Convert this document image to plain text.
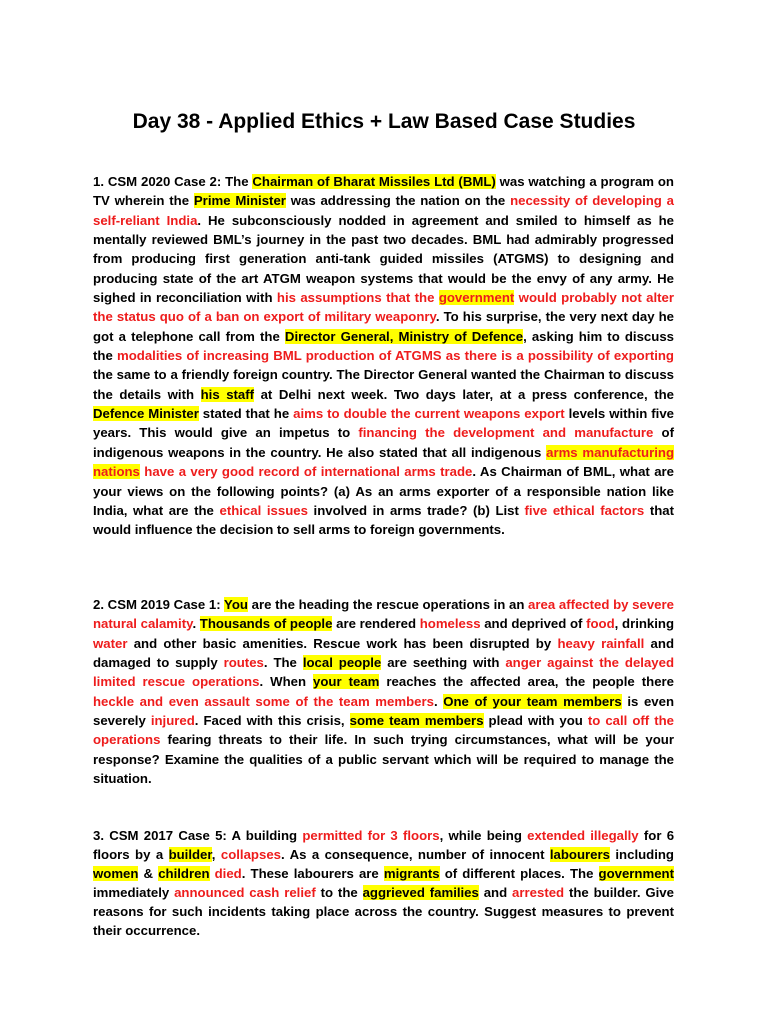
Day 38 - Applied Ethics + Law Based Case Studies
1. CSM 2020 Case 2: The Chairman of Bharat Missiles Ltd (BML) was watching a program on TV wherein the Prime Minister was addressing the nation on the necessity of developing a self-reliant India. He subconsciously nodded in agreement and smiled to himself as he mentally reviewed BML’s journey in the past two decades. BML had admirably progressed from producing first generation anti-tank guided missiles (ATGMS) to designing and producing state of the art ATGM weapon systems that would be the envy of any army. He sighed in reconciliation with his assumptions that the government would probably not alter the status quo of a ban on export of military weaponry. To his surprise, the very next day he got a telephone call from the Director General, Ministry of Defence, asking him to discuss the modalities of increasing BML production of ATGMS as there is a possibility of exporting the same to a friendly foreign country. The Director General wanted the Chairman to discuss the details with his staff at Delhi next week. Two days later, at a press conference, the Defence Minister stated that he aims to double the current weapons export levels within five years. This would give an impetus to financing the development and manufacture of indigenous weapons in the country. He also stated that all indigenous arms manufacturing nations have a very good record of international arms trade. As Chairman of BML, what are your views on the following points? (a) As an arms exporter of a responsible nation like India, what are the ethical issues involved in arms trade? (b) List five ethical factors that would influence the decision to sell arms to foreign governments.
2. CSM 2019 Case 1: You are the heading the rescue operations in an area affected by severe natural calamity. Thousands of people are rendered homeless and deprived of food, drinking water and other basic amenities. Rescue work has been disrupted by heavy rainfall and damaged to supply routes. The local people are seething with anger against the delayed limited rescue operations. When your team reaches the affected area, the people there heckle and even assault some of the team members. One of your team members is even severely injured. Faced with this crisis, some team members plead with you to call off the operations fearing threats to their life. In such trying circumstances, what will be your response? Examine the qualities of a public servant which will be required to manage the situation.
3. CSM 2017 Case 5: A building permitted for 3 floors, while being extended illegally for 6 floors by a builder, collapses. As a consequence, number of innocent labourers including women & children died. These labourers are migrants of different places. The government immediately announced cash relief to the aggrieved families and arrested the builder. Give reasons for such incidents taking place across the country. Suggest measures to prevent their occurrence.
